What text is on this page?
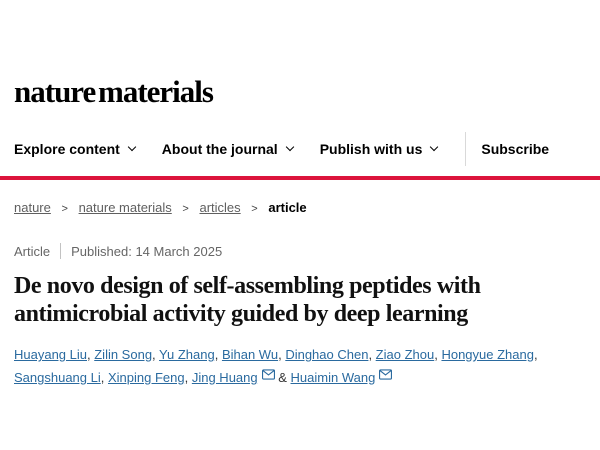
nature materials
Explore content	About the journal	Publish with us	Subscribe
nature > nature materials > articles > article
Article Published: 14 March 2025
De novo design of self-assembling peptides with antimicrobial activity guided by deep learning

Huayang Liu, Zilin Song, Yu Zhang, Bihan Wu, Dinghao Chen, Ziao Zhou, Hongyue Zhang, Sangshuang Li, Xinping Feng, Jing Huang & Huaimin Wang
